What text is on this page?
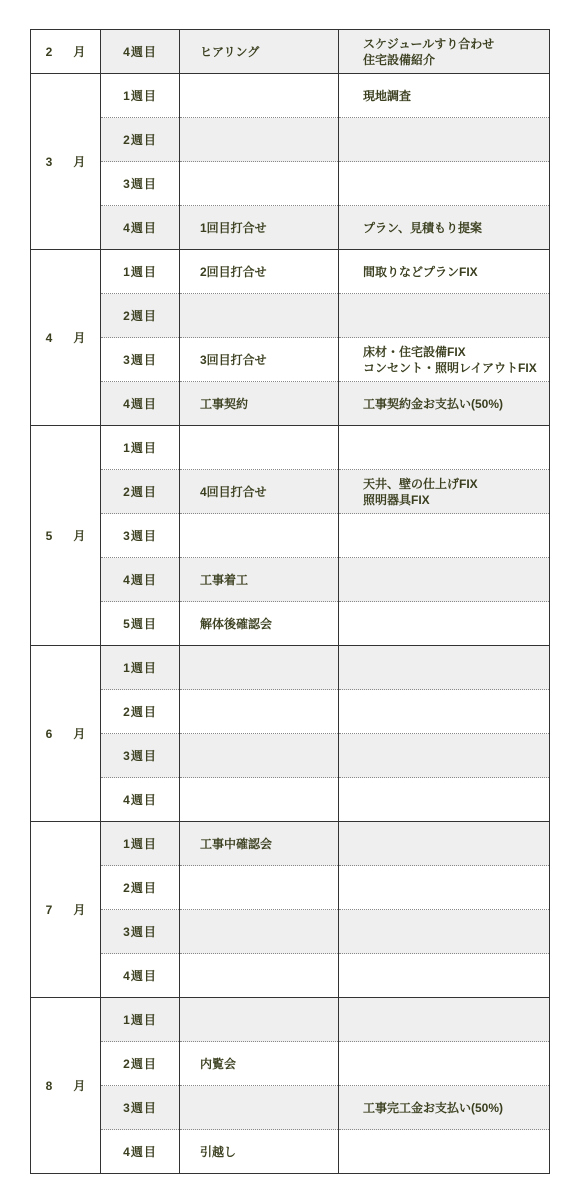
2 月	4週目	ヒアリング	スケジュールすり合わせ
住宅設備紹介

3 月	1週目		現地調査

	2週目		
	3週目		
	4週目	1回目打合せ	プラン、見積もり提案

4 月	1週目	2回目打合せ	間取りなどプランFIX

	2週目		
	3週目	3回目打合せ	床材・住宅設備FIX
コンセント・照明レイアウトFIX

	4週目	工事契約	工事契約金お支払い(50%)

5 月	1週目		
	2週目	4回目打合せ	天井、壁の仕上げFIX
照明器具FIX

	3週目		
	4週目	工事着工	
	5週目	解体後確認会	

6 月	1週目		
	2週目		
	3週目		
	4週目		

7 月	1週目	工事中確認会	
	2週目		
	3週目		
	4週目		

8 月	1週目		
	2週目	内覧会	
	3週目		工事完工金お支払い(50%)

	4週目	引越し	
